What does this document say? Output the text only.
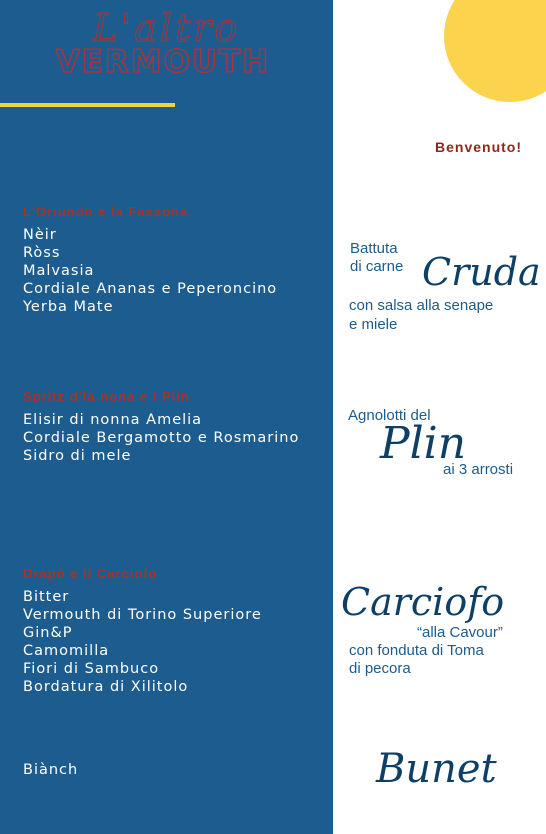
L'altro
VERMOUTH
Benvenuto!
L'Oriundo e la Fassona
Nèir
Ròss
Malvasia
Cordiale Ananas e Peperoncino
Yerba Mate
Spritz d'la nona e i Plin
Elisir di nonna Amelia
Cordiale Bergamotto e Rosmarino
Sidro di mele
Drapò e il Carciofo
Bitter
Vermouth di Torino Superiore
Gin&P
Camomilla
Fiori di Sambuco
Bordatura di Xilitolo
Biànch
Battuta
di carne Cruda
con salsa alla senape
e miele
Agnolotti del
Plin
ai 3 arrosti
Carciofo
“alla Cavour”
con fonduta di Toma
di pecora
Bunet
